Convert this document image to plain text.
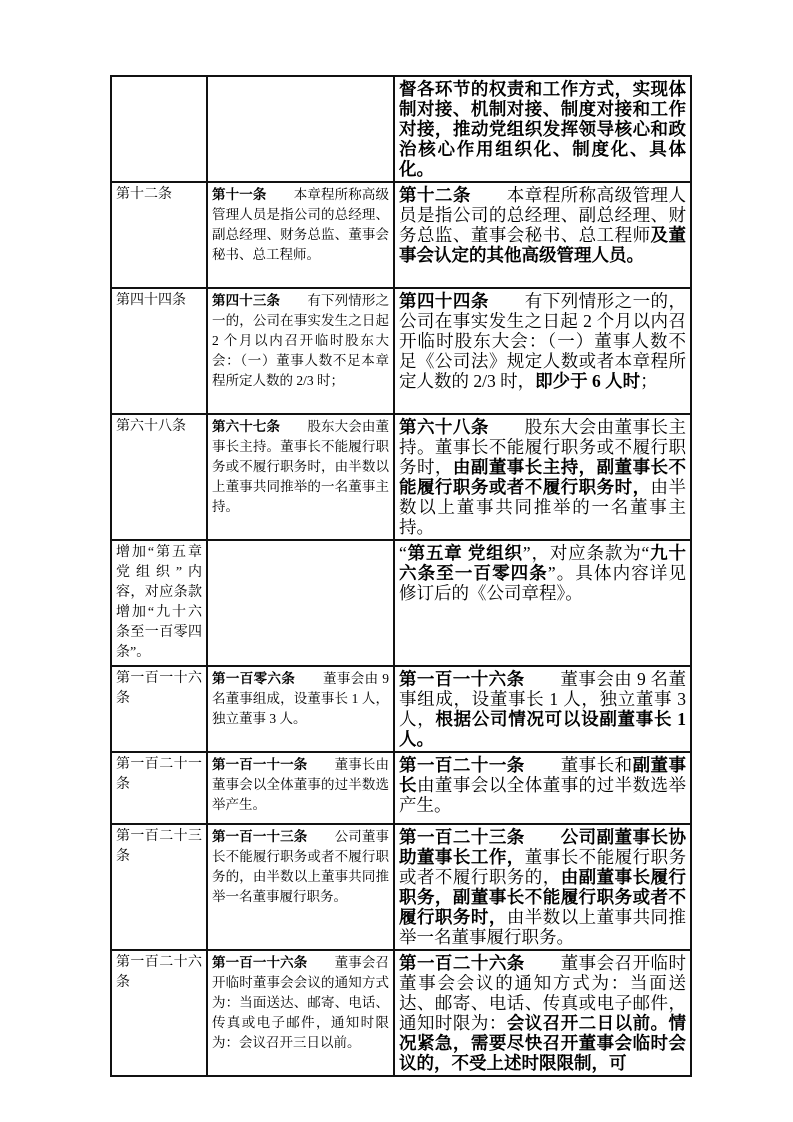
		督各环节的权责和工作方式，实现体制对接、机制对接、制度对接和工作对接，推动党组织发挥领导核心和政治核心作用组织化、制度化、具体化。

第十二条	第十一条　　本章程所称高级管理人员是指公司的总经理、副总经理、财务总监、董事会秘书、总工程师。	第十二条　　本章程所称高级管理人员是指公司的总经理、副总经理、财务总监、董事会秘书、总工程师及董事会认定的其他高级管理人员。

第四十四条	第四十三条　　有下列情形之一的，公司在事实发生之日起 2 个月以内召开临时股东大会：（一）董事人数不足本章程所定人数的 2/3 时；	第四十四条　　有下列情形之一的，公司在事实发生之日起 2 个月以内召开临时股东大会：（一）董事人数不足《公司法》规定人数或者本章程所定人数的 2/3 时，即少于 6 人时；

第六十八条	第六十七条　　股东大会由董事长主持。董事长不能履行职务或不履行职务时，由半数以上董事共同推举的一名董事主持。	第六十八条　　股东大会由董事长主持。董事长不能履行职务或不履行职务时，由副董事长主持，副董事长不能履行职务或者不履行职务时，由半数以上董事共同推举的一名董事主持。

增加“第五章 党组织”内容，对应条款增加“九十六条至一百零四条”。		“第五章 党组织”，对应条款为“九十六条至一百零四条”。具体内容详见修订后的《公司章程》。

第一百一十六条	第一百零六条　　董事会由 9 名董事组成，设董事长 1 人，独立董事 3 人。	第一百一十六条　　董事会由 9 名董事组成，设董事长 1 人，独立董事 3 人，根据公司情况可以设副董事长 1 人。

第一百二十一条	第一百一十一条　　董事长由董事会以全体董事的过半数选举产生。	第一百二十一条　　董事长和副董事长由董事会以全体董事的过半数选举产生。

第一百二十三条	第一百一十三条　　公司董事长不能履行职务或者不履行职务的，由半数以上董事共同推举一名董事履行职务。	第一百二十三条　　 公司副董事长协助董事长工作，董事长不能履行职务或者不履行职务的，由副董事长履行职务，副董事长不能履行职务或者不履行职务时，由半数以上董事共同推举一名董事履行职务。

第一百二十六条	第一百一十六条　　董事会召开临时董事会会议的通知方式为：当面送达、邮寄、电话、传真或电子邮件，通知时限为：会议召开三日以前。	第一百二十六条　　董事会召开临时董事会会议的通知方式为：当面送达、邮寄、电话、传真或电子邮件，通知时限为：会议召开二日以前。情况紧急，需要尽快召开董事会临时会议的，不受上述时限限制，可
